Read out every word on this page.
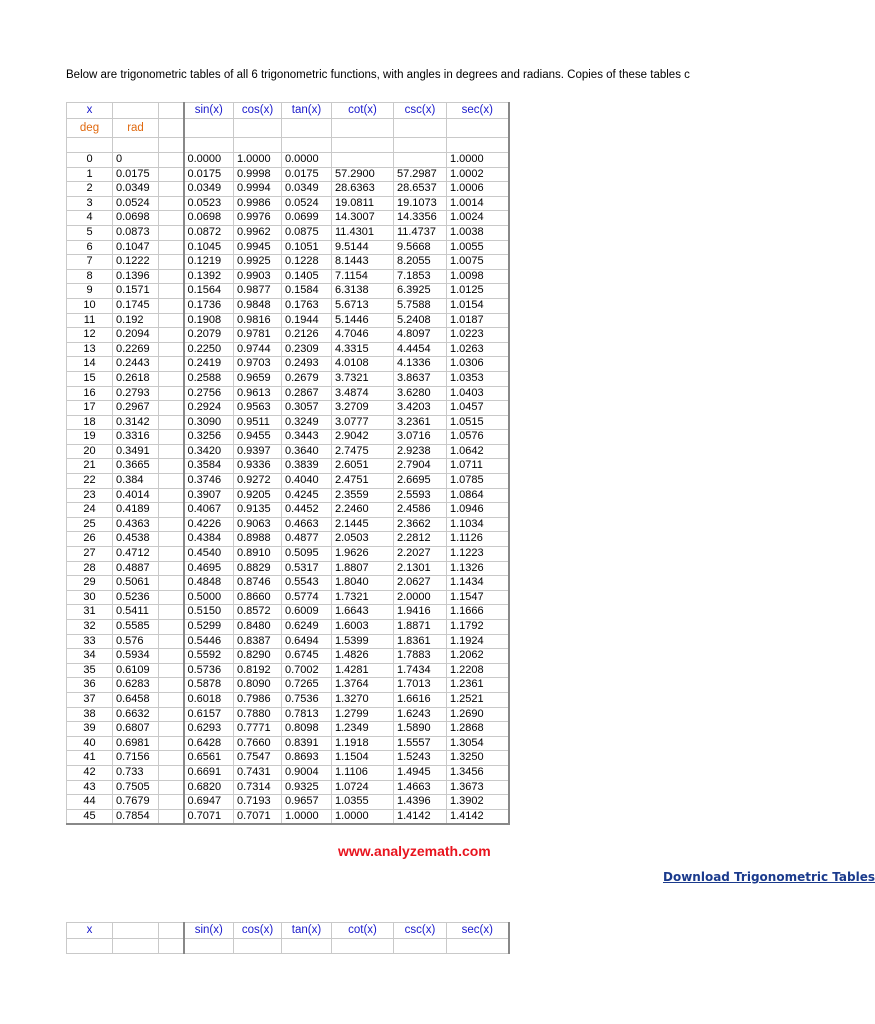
Below are trigonometric tables of all 6 trigonometric functions, with angles in degrees and radians. Copies of these tables c
x			sin(x)	cos(x)	tan(x)	cot(x)	csc(x)	sec(x)
deg	rad							

0	0		0.0000	1.0000	0.0000			1.0000
1	0.0175		0.0175	0.9998	0.0175	57.2900	57.2987	1.0002
2	0.0349		0.0349	0.9994	0.0349	28.6363	28.6537	1.0006
3	0.0524		0.0523	0.9986	0.0524	19.0811	19.1073	1.0014
4	0.0698		0.0698	0.9976	0.0699	14.3007	14.3356	1.0024
5	0.0873		0.0872	0.9962	0.0875	11.4301	11.4737	1.0038
6	0.1047		0.1045	0.9945	0.1051	9.5144	9.5668	1.0055
7	0.1222		0.1219	0.9925	0.1228	8.1443	8.2055	1.0075
8	0.1396		0.1392	0.9903	0.1405	7.1154	7.1853	1.0098
9	0.1571		0.1564	0.9877	0.1584	6.3138	6.3925	1.0125
10	0.1745		0.1736	0.9848	0.1763	5.6713	5.7588	1.0154
11	0.192		0.1908	0.9816	0.1944	5.1446	5.2408	1.0187
12	0.2094		0.2079	0.9781	0.2126	4.7046	4.8097	1.0223
13	0.2269		0.2250	0.9744	0.2309	4.3315	4.4454	1.0263
14	0.2443		0.2419	0.9703	0.2493	4.0108	4.1336	1.0306
15	0.2618		0.2588	0.9659	0.2679	3.7321	3.8637	1.0353
16	0.2793		0.2756	0.9613	0.2867	3.4874	3.6280	1.0403
17	0.2967		0.2924	0.9563	0.3057	3.2709	3.4203	1.0457
18	0.3142		0.3090	0.9511	0.3249	3.0777	3.2361	1.0515
19	0.3316		0.3256	0.9455	0.3443	2.9042	3.0716	1.0576
20	0.3491		0.3420	0.9397	0.3640	2.7475	2.9238	1.0642
21	0.3665		0.3584	0.9336	0.3839	2.6051	2.7904	1.0711
22	0.384		0.3746	0.9272	0.4040	2.4751	2.6695	1.0785
23	0.4014		0.3907	0.9205	0.4245	2.3559	2.5593	1.0864
24	0.4189		0.4067	0.9135	0.4452	2.2460	2.4586	1.0946
25	0.4363		0.4226	0.9063	0.4663	2.1445	2.3662	1.1034
26	0.4538		0.4384	0.8988	0.4877	2.0503	2.2812	1.1126
27	0.4712		0.4540	0.8910	0.5095	1.9626	2.2027	1.1223
28	0.4887		0.4695	0.8829	0.5317	1.8807	2.1301	1.1326
29	0.5061		0.4848	0.8746	0.5543	1.8040	2.0627	1.1434
30	0.5236		0.5000	0.8660	0.5774	1.7321	2.0000	1.1547
31	0.5411		0.5150	0.8572	0.6009	1.6643	1.9416	1.1666
32	0.5585		0.5299	0.8480	0.6249	1.6003	1.8871	1.1792
33	0.576		0.5446	0.8387	0.6494	1.5399	1.8361	1.1924
34	0.5934		0.5592	0.8290	0.6745	1.4826	1.7883	1.2062
35	0.6109		0.5736	0.8192	0.7002	1.4281	1.7434	1.2208
36	0.6283		0.5878	0.8090	0.7265	1.3764	1.7013	1.2361
37	0.6458		0.6018	0.7986	0.7536	1.3270	1.6616	1.2521
38	0.6632		0.6157	0.7880	0.7813	1.2799	1.6243	1.2690
39	0.6807		0.6293	0.7771	0.8098	1.2349	1.5890	1.2868
40	0.6981		0.6428	0.7660	0.8391	1.1918	1.5557	1.3054
41	0.7156		0.6561	0.7547	0.8693	1.1504	1.5243	1.3250
42	0.733		0.6691	0.7431	0.9004	1.1106	1.4945	1.3456
43	0.7505		0.6820	0.7314	0.9325	1.0724	1.4663	1.3673
44	0.7679		0.6947	0.7193	0.9657	1.0355	1.4396	1.3902
45	0.7854		0.7071	0.7071	1.0000	1.0000	1.4142	1.4142
www.analyzemath.com
Download Trigonometric Tables
x			sin(x)	cos(x)	tan(x)	cot(x)	csc(x)	sec(x)
